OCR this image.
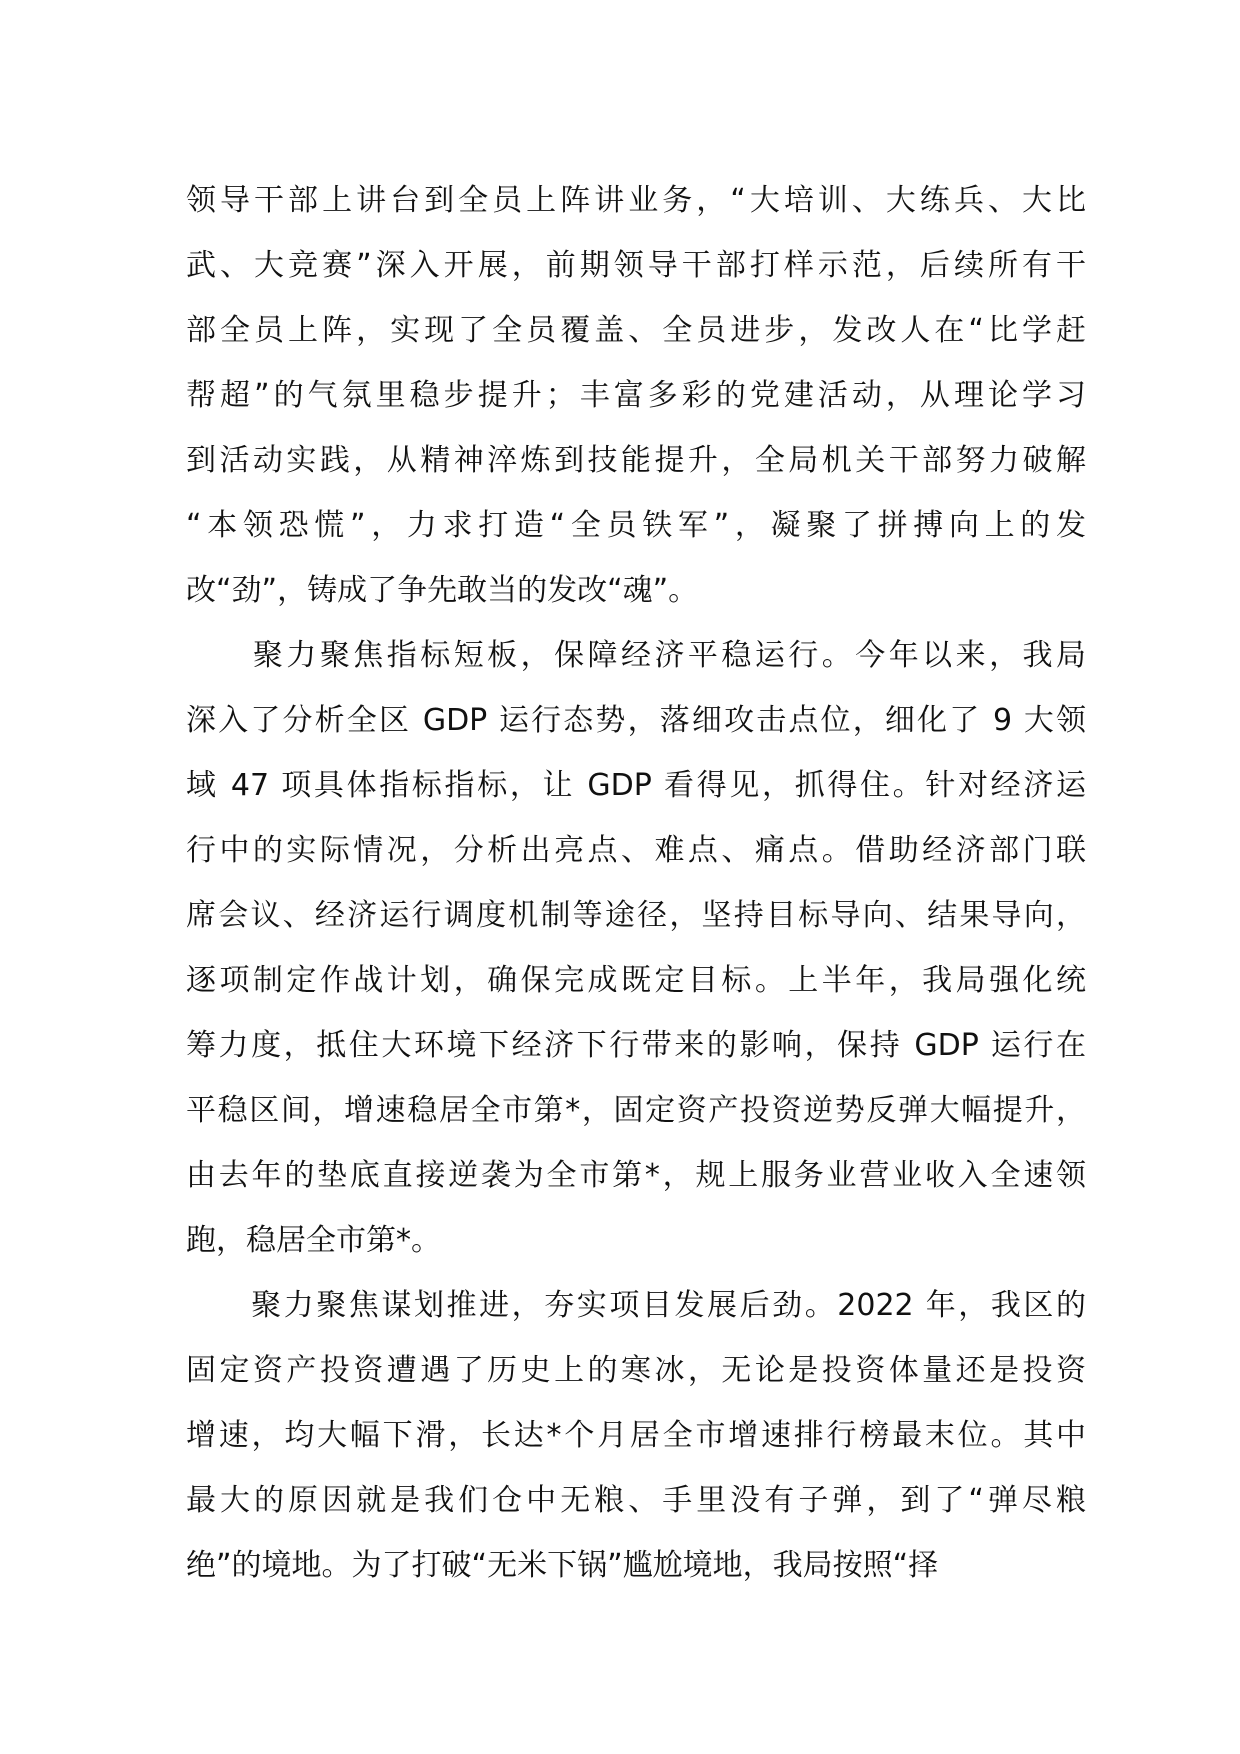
领导干部上讲台到全员上阵讲业务，“大培训、大练兵、大比
武、大竞赛”深入开展，前期领导干部打样示范，后续所有干
部全员上阵，实现了全员覆盖、全员进步，发改人在“比学赶
帮超”的气氛里稳步提升；丰富多彩的党建活动，从理论学习
到活动实践，从精神淬炼到技能提升，全局机关干部努力破解
“本领恐慌”，力求打造“全员铁军”，凝聚了拼搏向上的发
改“劲”，铸成了争先敢当的发改“魂”。
　　聚力聚焦指标短板，保障经济平稳运行。今年以来，我局
深入了分析全区 GDP 运行态势，落细攻击点位，细化了 9 大领
域 47 项具体指标指标，让 GDP 看得见，抓得住。针对经济运
行中的实际情况，分析出亮点、难点、痛点。借助经济部门联
席会议、经济运行调度机制等途径，坚持目标导向、结果导向，
逐项制定作战计划，确保完成既定目标。上半年，我局强化统
筹力度，抵住大环境下经济下行带来的影响，保持 GDP 运行在
平稳区间，增速稳居全市第*，固定资产投资逆势反弹大幅提升，
由去年的垫底直接逆袭为全市第*，规上服务业营业收入全速领
跑，稳居全市第*。
　　聚力聚焦谋划推进，夯实项目发展后劲。2022 年，我区的
固定资产投资遭遇了历史上的寒冰，无论是投资体量还是投资
增速，均大幅下滑，长达*个月居全市增速排行榜最末位。其中
最大的原因就是我们仓中无粮、手里没有子弹，到了“弹尽粮
绝”的境地。为了打破“无米下锅”尴尬境地，我局按照“择
